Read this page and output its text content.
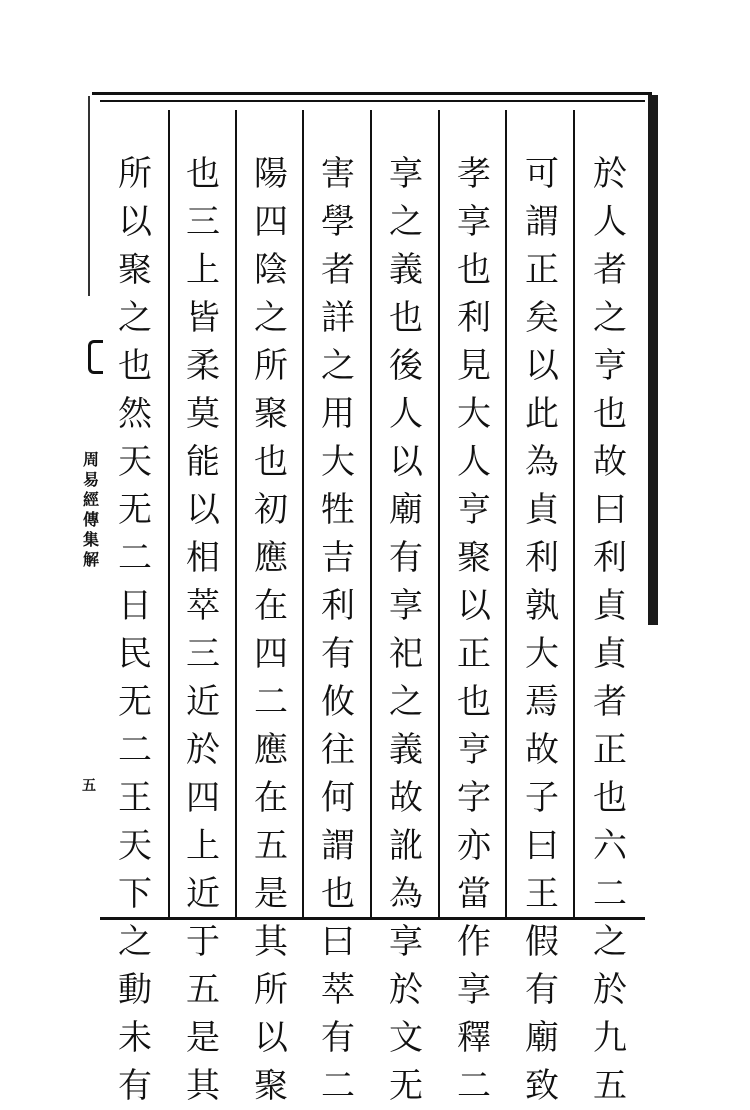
周
易
經
傳
集
解
五
於
人
者
之
亨
也
故
曰
利
貞
貞
者
正
也
六
二
之
於
九
五
可
謂
正
矣
以
此
為
貞
利
孰
大
焉
故
子
曰
王
假
有
廟
致
孝
享
也
利
見
大
人
亨
聚
以
正
也
亨
字
亦
當
作
享
釋
二
享
之
義
也
後
人
以
廟
有
享
祀
之
義
故
訛
為
享
於
文
无
害
學
者
詳
之
用
大
牲
吉
利
有
攸
往
何
謂
也
曰
萃
有
二
陽
四
陰
之
所
聚
也
初
應
在
四
二
應
在
五
是
其
所
以
聚
也
三
上
皆
柔
莫
能
以
相
萃
三
近
於
四
上
近
于
五
是
其
所
以
聚
之
也
然
天
无
二
日
民
无
二
王
天
下
之
動
未
有
